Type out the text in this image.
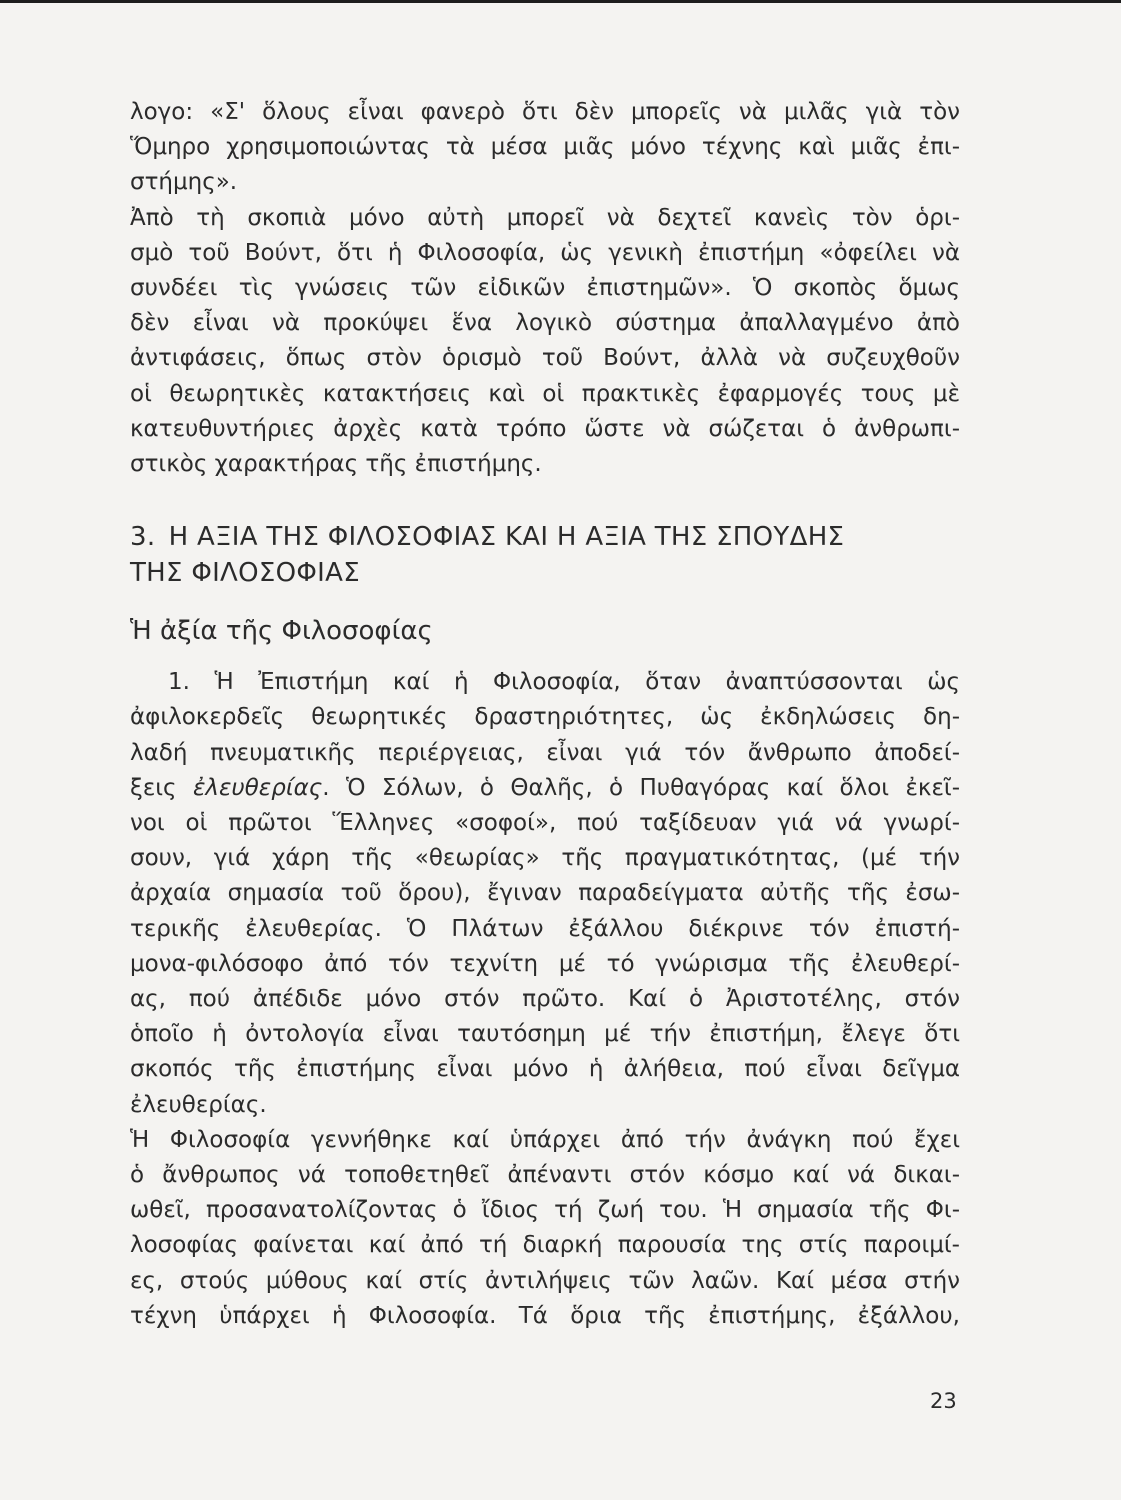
λογο: «Σ' ὅλους εἶναι φανερὸ ὅτι δὲν μπορεῖς νὰ μιλᾶς γιὰ τὸν

Ὅμηρο χρησιμοποιώντας τὰ μέσα μιᾶς μόνο τέχνης καὶ μιᾶς ἐπι-

στήμης».

Ἀπὸ τὴ σκοπιὰ μόνο αὐτὴ μπορεῖ νὰ δεχτεῖ κανεὶς τὸν ὁρι-

σμὸ τοῦ Βούντ, ὅτι ἡ Φιλοσοφία, ὡς γενικὴ ἐπιστήμη «ὀφείλει νὰ

συνδέει τὶς γνώσεις τῶν εἰδικῶν ἐπιστημῶν». Ὁ σκοπὸς ὅμως

δὲν εἶναι νὰ προκύψει ἕνα λογικὸ σύστημα ἀπαλλαγμένο ἀπὸ

ἀντιφάσεις, ὅπως στὸν ὁρισμὸ τοῦ Βούντ, ἀλλὰ νὰ συζευχθοῦν

οἱ θεωρητικὲς κατακτήσεις καὶ οἱ πρακτικὲς ἐφαρμογές τους μὲ

κατευθυντήριες ἀρχὲς κατὰ τρόπο ὥστε νὰ σώζεται ὁ ἀνθρωπι-

στικὸς χαρακτήρας τῆς ἐπιστήμης.

3. Η ΑΞΙΑ ΤΗΣ ΦΙΛΟΣΟΦΙΑΣ ΚΑΙ Η ΑΞΙΑ ΤΗΣ ΣΠΟΥΔΗΣ

ΤΗΣ ΦΙΛΟΣΟΦΙΑΣ

Ἡ ἀξία τῆς Φιλοσοφίας

1. Ἡ Ἐπιστήμη καί ἡ Φιλοσοφία, ὅταν ἀναπτύσσονται ὡς

ἀφιλοκερδεῖς θεωρητικές δραστηριότητες, ὡς ἐκδηλώσεις δη-

λαδή πνευματικῆς περιέργειας, εἶναι γιά τόν ἄνθρωπο ἀποδεί-

ξεις ἐλευθερίας. Ὁ Σόλων, ὁ Θαλῆς, ὁ Πυθαγόρας καί ὅλοι ἐκεῖ-

νοι οἱ πρῶτοι Ἕλληνες «σοφοί», πού ταξίδευαν γιά νά γνωρί-

σουν, γιά χάρη τῆς «θεωρίας» τῆς πραγματικότητας, (μέ τήν

ἀρχαία σημασία τοῦ ὅρου), ἔγιναν παραδείγματα αὐτῆς τῆς ἐσω-

τερικῆς ἐλευθερίας. Ὁ Πλάτων ἐξάλλου διέκρινε τόν ἐπιστή-

μονα-φιλόσοφο ἀπό τόν τεχνίτη μέ τό γνώρισμα τῆς ἐλευθερί-

ας, πού ἀπέδιδε μόνο στόν πρῶτο. Καί ὁ Ἀριστοτέλης, στόν

ὁποῖο ἡ ὀντολογία εἶναι ταυτόσημη μέ τήν ἐπιστήμη, ἔλεγε ὅτι

σκοπός τῆς ἐπιστήμης εἶναι μόνο ἡ ἀλήθεια, πού εἶναι δεῖγμα

ἐλευθερίας.

Ἡ Φιλοσοφία γεννήθηκε καί ὑπάρχει ἀπό τήν ἀνάγκη πού ἔχει

ὁ ἄνθρωπος νά τοποθετηθεῖ ἀπέναντι στόν κόσμο καί νά δικαι-

ωθεῖ, προσανατολίζοντας ὁ ἴδιος τή ζωή του. Ἡ σημασία τῆς Φι-

λοσοφίας φαίνεται καί ἀπό τή διαρκή παρουσία της στίς παροιμί-

ες, στούς μύθους καί στίς ἀντιλήψεις τῶν λαῶν. Καί μέσα στήν

τέχνη ὑπάρχει ἡ Φιλοσοφία. Τά ὅρια τῆς ἐπιστήμης, ἐξάλλου,

23
